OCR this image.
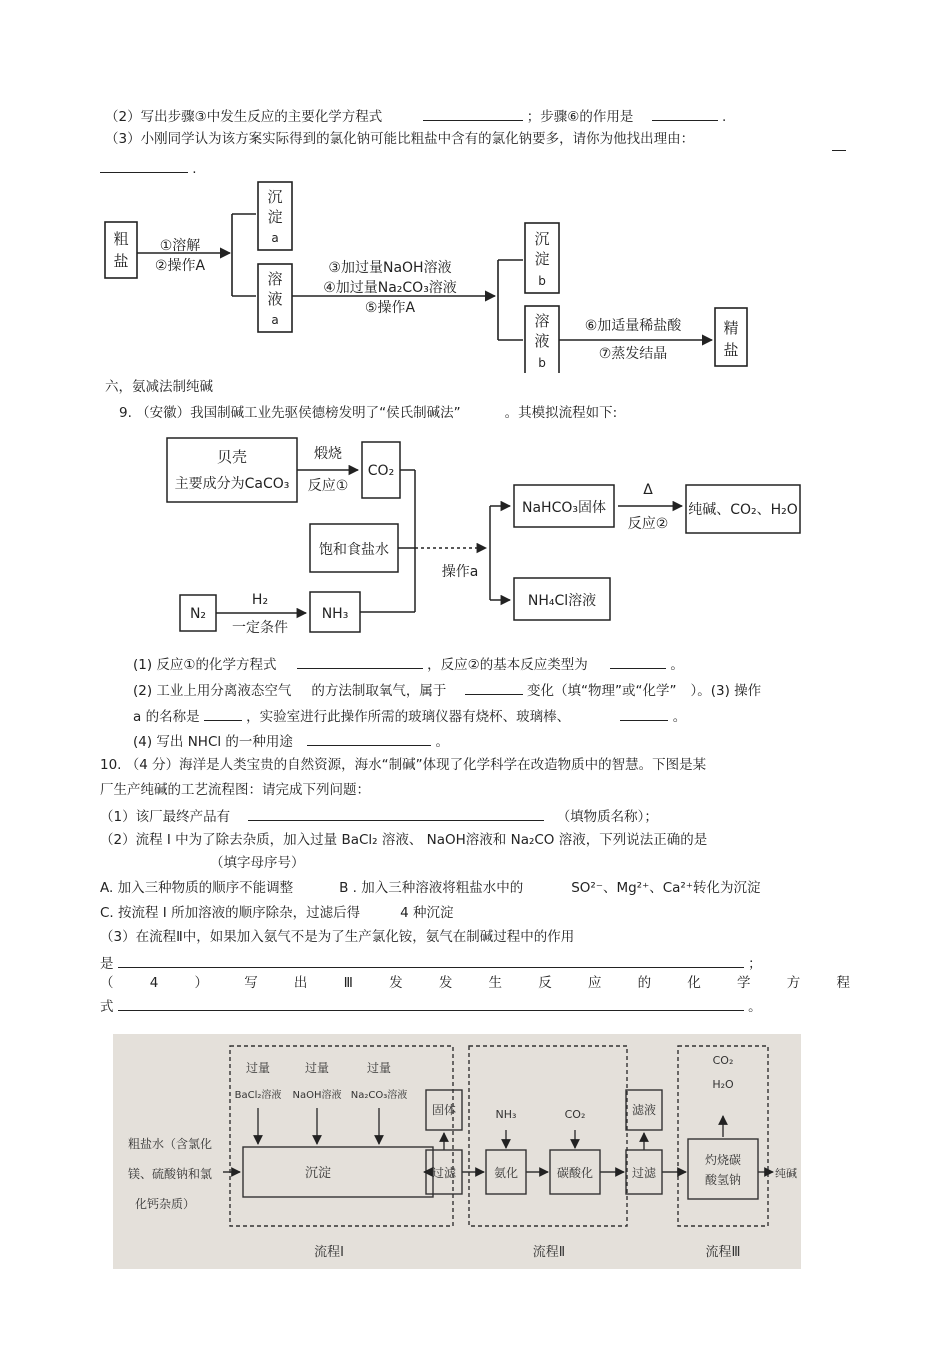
（2）写出步骤③中发生反应的主要化学方程式	；步骤⑥的作用是	.
（3）小刚同学认为该方案实际得到的氯化钠可能比粗盐中含有的氯化钠要多，请你为他找出理由：
.
粗
盐
①溶解
②操作A
沉
淀
a
溶
液
a
③加过量NaOH溶液
④加过量Na₂CO₃溶液
⑤操作A
沉
淀
b
溶
液
b
⑥加适量稀盐酸
⑦蒸发结晶
精
盐
六，氨减法制纯碱
9. （安徽）我国制碱工业先驱侯德榜发明了“侯氏制碱法”	。其模拟流程如下:
贝壳
主要成分为CaCO₃
煅烧
反应①
CO₂
饱和食盐水
操作a
NaHCO₃固体
Δ
反应②
纯碱、CO₂、H₂O
NH₄Cl溶液
N₂
H₂
一定条件
NH₃
(1) 反应①的化学方程式	，反应②的基本反应类型为	。
(2) 工业上用分离液态空气 的方法制取氧气，属于	变化（填“物理”或“化学” ）。(3) 操作
a 的名称是	，实验室进行此操作所需的玻璃仪器有烧杯、玻璃棒、	。
(4) 写出 NHCl 的一种用途	。
10. （4 分）海洋是人类宝贵的自然资源，海水“制碱”体现了化学科学在改造物质中的智慧。下图是某
厂生产纯碱的工艺流程图：请完成下列问题：
（1）该厂最终产品有	（填物质名称）；
（2）流程 I 中为了除去杂质，加入过量 BaCl₂ 溶液、 NaOH溶液和 Na₂CO 溶液，下列说法正确的是
（填字母序号）
A. 加入三种物质的顺序不能调整	B . 加入三种溶液将粗盐水中的	SO²⁻、Mg²⁺、Ca²⁺转化为沉淀
C. 按流程 I 所加溶液的顺序除杂，过滤后得	4 种沉淀
（3）在流程Ⅱ中，如果加入氨气不是为了生产氯化铵，氨气在制碱过程中的作用
是	；
（	4	）	写	出	Ⅲ	发	发	生	反	应	的	化	学	方	程
式	。
过量	过量	过量
BaCl₂溶液 NaOH溶液 Na₂CO₃溶液
粗盐水（含氯化
镁、硫酸钠和氯
化钙杂质）
沉淀
固体
过滤
NH₃
氨化
CO₂
碳酸化
滤液
过滤
CO₂
H₂O
灼烧碳
酸氢钠	纯碱
流程Ⅰ	流程Ⅱ	流程Ⅲ
